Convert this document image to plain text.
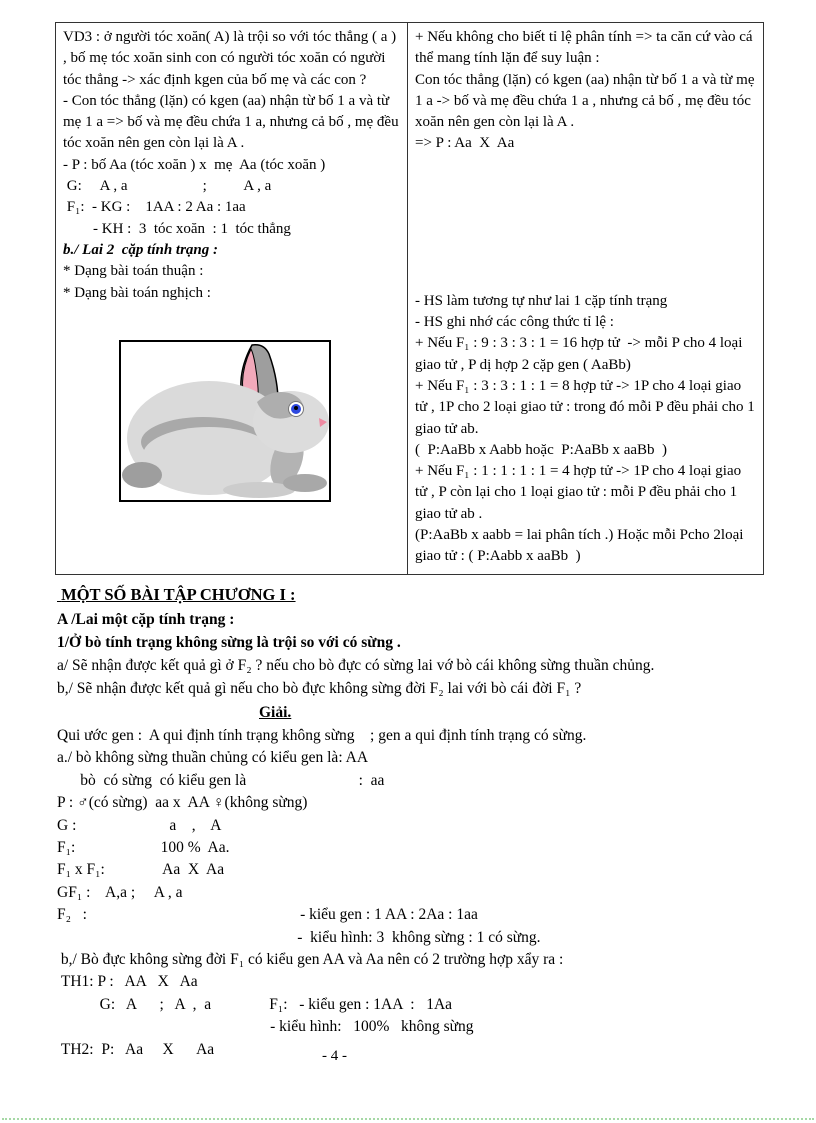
VD3 : ở người tóc xoăn( A) là trội so với tóc thẳng ( a ) , bố mẹ tóc xoăn sinh con có người tóc xoăn có người tóc thẳng -> xác định kgen của bố mẹ và các con ?

- Con tóc thẳng (lặn) có kgen (aa) nhận từ bố 1 a và từ mẹ 1 a => bố và mẹ đều chứa 1 a, nhưng cả bố , mẹ đều tóc xoăn nên gen còn lại là A .

- P : bố Aa (tóc xoăn ) x  mẹ  Aa (tóc xoăn )

G:     A , a                    ;          A , a

F₁:  - KG :    1AA : 2 Aa : 1aa

- KH :  3  tóc xoăn  : 1  tóc thẳng

b./ Lai 2  cặp tính trạng :

* Dạng bài toán thuận :

* Dạng bài toán nghịch :

+ Nếu không cho biết tỉ lệ phân tính => ta căn cứ vào cá thể mang tính lặn để suy luận :

Con tóc thẳng (lặn) có kgen (aa) nhận từ bố 1 a và từ mẹ 1 a -> bố và mẹ đều chứa 1 a , nhưng cả bố , mẹ đều tóc xoăn nên gen còn lại là A .

=> P : Aa  X  Aa

- HS làm tương tự như lai 1 cặp tính trạng

- HS ghi nhớ các công thức tỉ lệ :

+ Nếu F₁ : 9 : 3 : 3 : 1 = 16 hợp tử  -> mỗi P cho 4 loại giao tử , P dị hợp 2 cặp gen ( AaBb)

+ Nếu F₁ : 3 : 3 : 1 : 1 = 8 hợp tử -> 1P cho 4 loại giao tử , 1P cho 2 loại giao tử : trong đó mỗi P đều phải cho 1 giao tử ab.

(  P:AaBb x Aabb hoặc  P:AaBb x aaBb  )

+ Nếu F₁ : 1 : 1 : 1 : 1 = 4 hợp tử -> 1P cho 4 loại giao tử , P còn lại cho 1 loại giao tử : mỗi P đều phải cho 1 giao tử ab .

(P:AaBb x aabb = lai phân tích .) Hoặc mỗi Pcho 2loại giao tử : ( P:Aabb x aaBb  )

MỘT SỐ BÀI TẬP CHƯƠNG I :
A /Lai một cặp tính trạng :
1/Ở bò tính trạng không sừng là trội so với có sừng .
a/ Sẽ nhận được kết quả gì ở F₂ ? nếu cho bò đực có sừng lai vớ bò cái không sừng thuần chủng.
b,/ Sẽ nhận được kết quả gì nếu cho bò đực không sừng đời F₂ lai với bò cái đời F₁ ?
Giải.
Qui ước gen :  A qui định tính trạng không sừng    ; gen a qui định tính trạng có sừng.
a./ bò không sừng thuần chủng có kiểu gen là: AA
bò  có sừng  có kiểu gen là                             :  aa
P : ♂(có sừng)  aa x  AA ♀(không sừng)
G :                        a    ,    A
F₁:                      100 %  Aa.
F₁ x F₁:               Aa  X  Aa
GF₁ :    A,a ;     A , a
F₂   :                                                       - kiểu gen : 1 AA : 2Aa : 1aa
-  kiểu hình: 3  không sừng : 1 có sừng.
b,/ Bò đực không sừng đời F₁ có kiểu gen AA và Aa nên có 2 trường hợp xẩy ra :
TH1: P :   AA   X   Aa
G:   A      ;   A  ,  a               F₁:   - kiểu gen : 1AA  :   1Aa
- kiểu hình:   100%   không sừng
TH2:  P:   Aa     X      Aa	- 4 -
